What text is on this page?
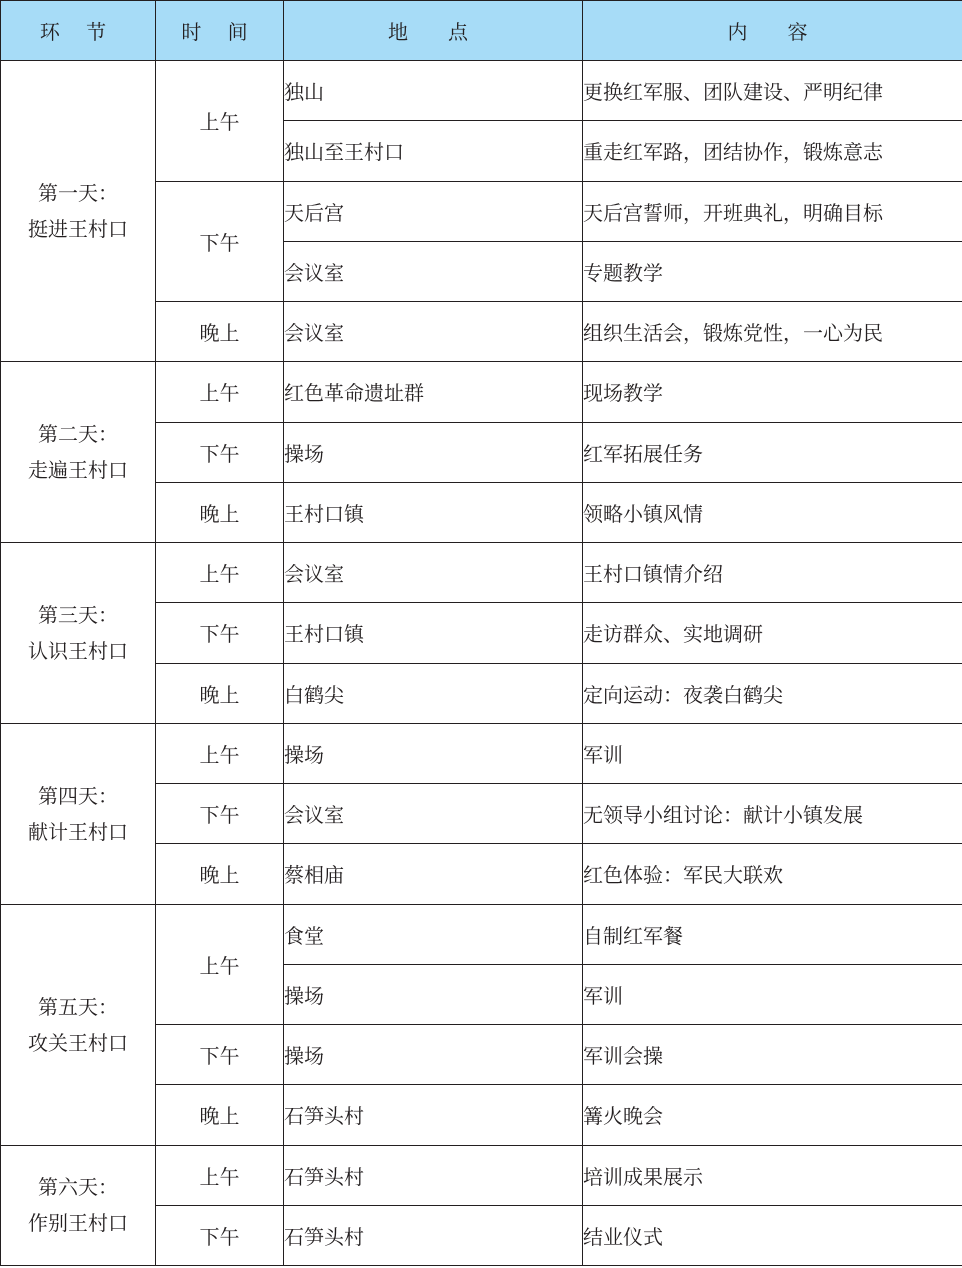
环 节	时 间	地　点	内　容

第一天：
挺进王村口	上午	独山	更换红军服、团队建设、严明纪律
		独山至王村口	重走红军路，团结协作，锻炼意志
	下午	天后宫	天后宫誓师，开班典礼，明确目标
		会议室	专题教学
	晚上	会议室	组织生活会，锻炼党性，一心为民

第二天：
走遍王村口	上午	红色革命遗址群	现场教学
	下午	操场	红军拓展任务
	晚上	王村口镇	领略小镇风情

第三天：
认识王村口	上午	会议室	王村口镇情介绍
	下午	王村口镇	走访群众、实地调研
	晚上	白鹤尖	定向运动：夜袭白鹤尖

第四天：
献计王村口	上午	操场	军训
	下午	会议室	无领导小组讨论：献计小镇发展
	晚上	蔡相庙	红色体验：军民大联欢

第五天：
攻关王村口	上午	食堂	自制红军餐
		操场	军训
	下午	操场	军训会操
	晚上	石笋头村	篝火晚会

第六天：
作别王村口	上午	石笋头村	培训成果展示
	下午	石笋头村	结业仪式
